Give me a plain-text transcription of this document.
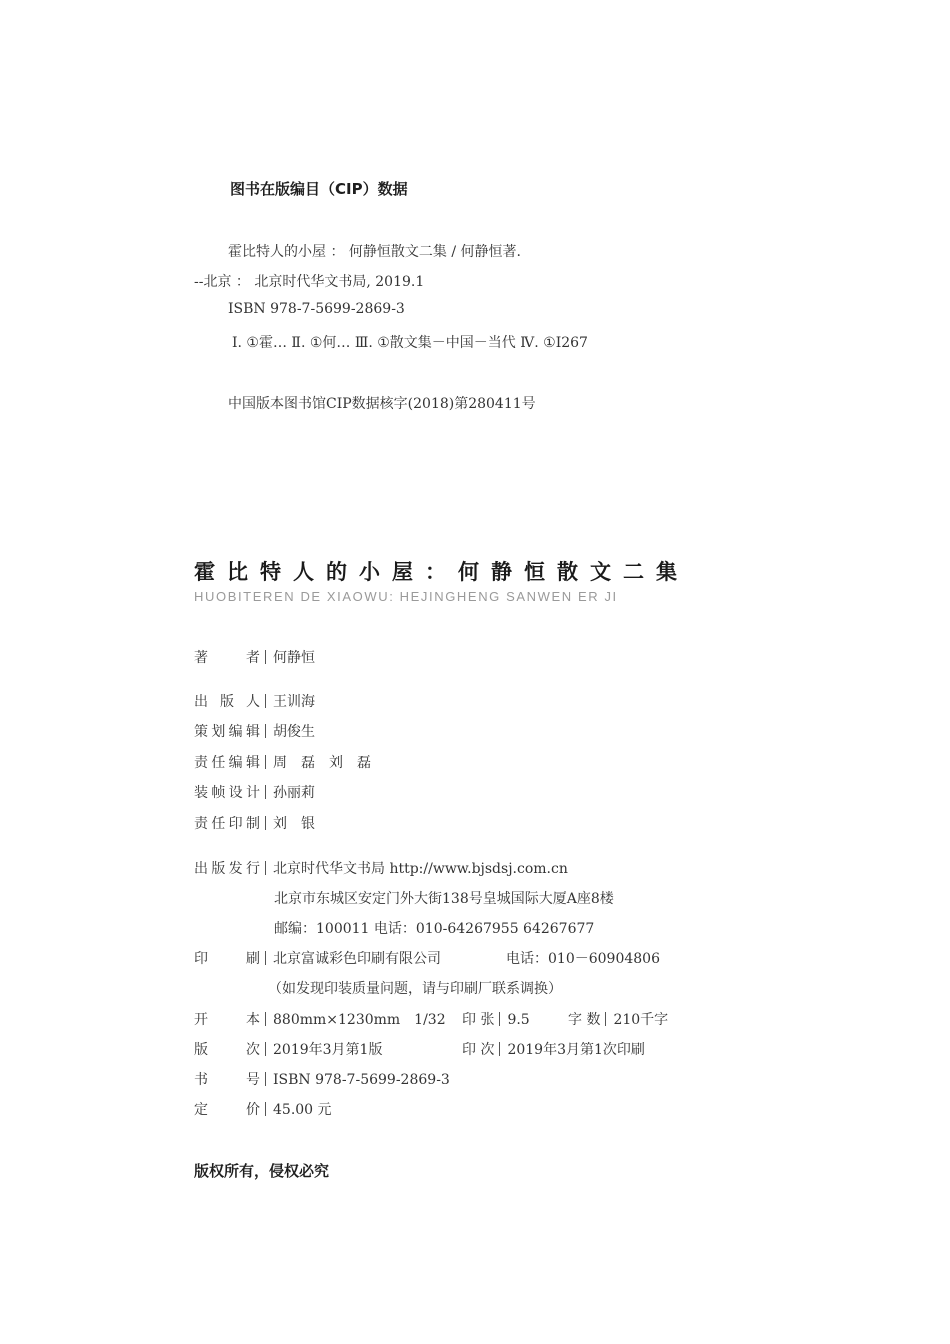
图书在版编目（CIP）数据
霍比特人的小屋 ： 何静恒散文二集 / 何静恒著.
--北京 ： 北京时代华文书局, 2019.1
ISBN 978-7-5699-2869-3
Ⅰ. ①霍… Ⅱ. ①何… Ⅲ. ①散文集－中国－当代 Ⅳ. ①I267
中国版本图书馆CIP数据核字(2018)第280411号
霍比特人的小屋：何静恒散文二集
HUOBITEREN DE XIAOWU: HEJINGHENG SANWEN ER JI
著　者 何静恒
出 版 人 王训海
策划编辑 胡俊生
责任编辑 周　磊　刘　磊
装帧设计 孙丽莉
责任印制 刘　银
出版发行 北京时代华文书局 http://www.bjsdsj.com.cn
北京市东城区安定门外大街138号皇城国际大厦A座8楼
邮编：100011 电话：010-64267955 64267677
印　刷 北京富诚彩色印刷有限公司	电话：010－60904806
（如发现印装质量问题，请与印刷厂联系调换）
开　本 880mm×1230mm　1/32 印 张 9.5	字 数 210千字
版　次 2019年3月第1版	印 次 2019年3月第1次印刷
书　号 ISBN 978-7-5699-2869-3
定　价 45.00 元
版权所有，侵权必究
